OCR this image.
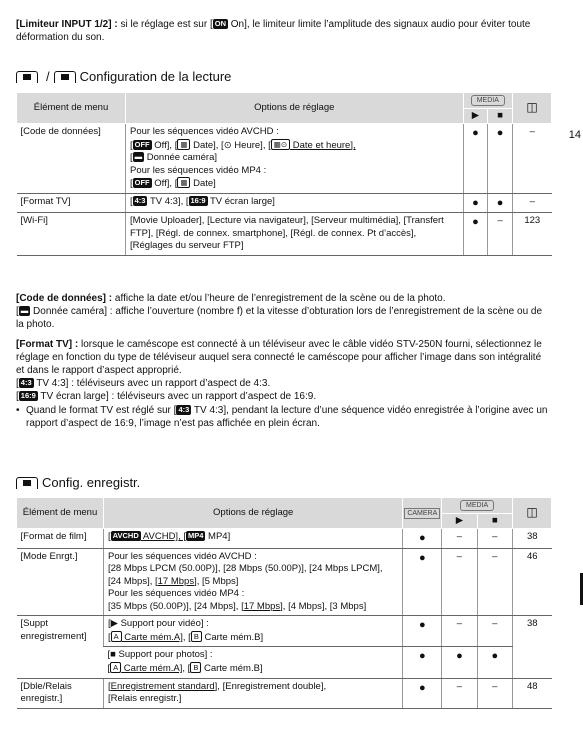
14
[Limiteur INPUT 1/2] : si le réglage est sur [ ON On], le limiteur limite l’amplitude des signaux audio pour éviter toute déformation du son.
/ Configuration de la lecture
Élément de menu	Options de réglage	MEDIA		◫
		▶	■	
[Code de données]	Pour les séquences vidéo AVCHD :
[ OFF Off], [ ▦ Date], [⊙ Heure], [ ▦⊙ Date et heure],
[ ▬ Donnée caméra]
Pour les séquences vidéo MP4 :
[ OFF Off], [ ▦ Date]	●	●	–
[Format TV]	[ 4:3 TV 4:3], [ 16:9 TV écran large]	●	●	–
[Wi-Fi]	[Movie Uploader], [Lecture via navigateur], [Serveur multimédia], [Transfert FTP], [Régl. de connex. smartphone], [Régl. de connex. Pt d’accès], [Réglages du serveur FTP]	●	–	123
[Code de données] : affiche la date et/ou l’heure de l’enregistrement de la scène ou de la photo.
[ ▬ Donnée caméra] : affiche l’ouverture (nombre f) et la vitesse d’obturation lors de l’enregistrement de la scène ou de la photo.
[Format TV] : lorsque le caméscope est connecté à un téléviseur avec le câble vidéo STV-250N fourni, sélectionnez le réglage en fonction du type de téléviseur auquel sera connecté le caméscope pour afficher l’image dans son intégralité et dans le rapport d’aspect approprié.
[ 4:3 TV 4:3] : téléviseurs avec un rapport d’aspect de 4:3.
[ 16:9 TV écran large] : téléviseurs avec un rapport d’aspect de 16:9.
• Quand le format TV est réglé sur [ 4:3 TV 4:3], pendant la lecture d’une séquence vidéo enregistrée à l’origine avec un rapport d’aspect de 16:9, l’image n’est pas affichée en plein écran.
Config. enregistr.
Élément de menu	Options de réglage	CAMERA	MEDIA		◫
			▶	■	
[Format de film]	[ AVCHD AVCHD], [ MP4 MP4]	●	–	–	38
[Mode Enrgt.]	Pour les séquences vidéo AVCHD :
[28 Mbps LPCM (50.00P)], [28 Mbps (50.00P)], [24 Mbps LPCM],
[24 Mbps], [17 Mbps], [5 Mbps]
Pour les séquences vidéo MP4 :
[35 Mbps (50.00P)], [24 Mbps], [17 Mbps], [4 Mbps], [3 Mbps]	●	–	–	46
[Suppt enregistrement]	[▶ Support pour vidéo] :
[ A Carte mém.A], [ B Carte mém.B]	●	–	–	38

	[■ Support pour photos] :
[ A Carte mém.A], [ B Carte mém.B]	●	●	●	
[Dble/Relais enregistr.]	[Enregistrement standard], [Enregistrement double],
[Relais enregistr.]	●	–	–	48
